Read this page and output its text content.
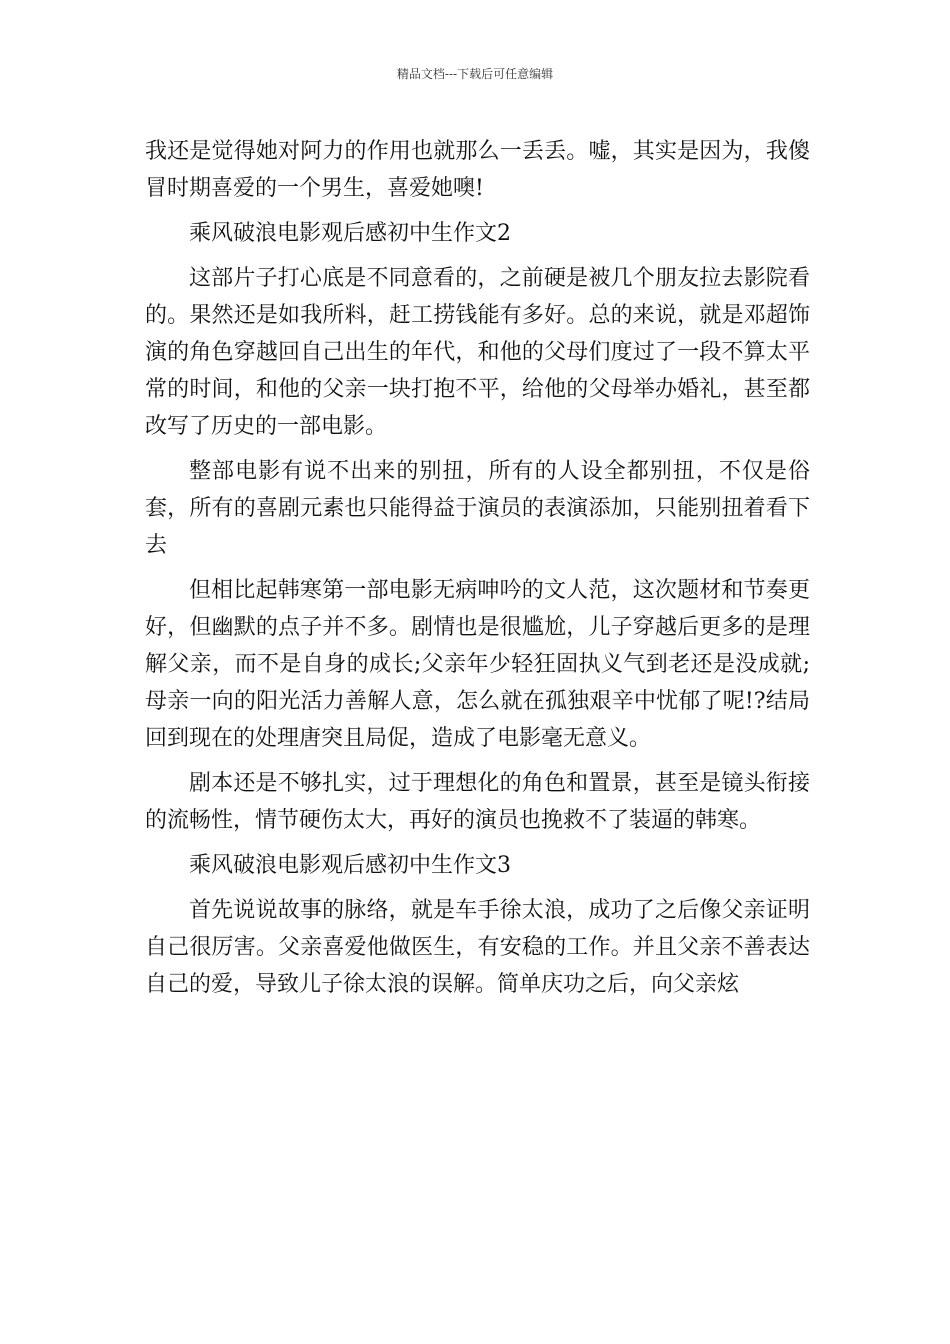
精品文档---下载后可任意编辑

我还是觉得她对阿力的作用也就那么一丢丢。嘘，其实是因为，我傻冒时期喜爱的一个男生，喜爱她噢!

乘风破浪电影观后感初中生作文2

这部片子打心底是不同意看的，之前硬是被几个朋友拉去影院看的。果然还是如我所料，赶工捞钱能有多好。总的来说，就是邓超饰演的角色穿越回自己出生的年代，和他的父母们度过了一段不算太平常的时间，和他的父亲一块打抱不平，给他的父母举办婚礼，甚至都改写了历史的一部电影。

整部电影有说不出来的别扭，所有的人设全都别扭，不仅是俗套，所有的喜剧元素也只能得益于演员的表演添加，只能别扭着看下去

但相比起韩寒第一部电影无病呻吟的文人范，这次题材和节奏更好，但幽默的点子并不多。剧情也是很尴尬，儿子穿越后更多的是理解父亲，而不是自身的成长;父亲年少轻狂固执义气到老还是没成就;母亲一向的阳光活力善解人意，怎么就在孤独艰辛中忧郁了呢!?结局回到现在的处理唐突且局促，造成了电影毫无意义。

剧本还是不够扎实，过于理想化的角色和置景，甚至是镜头衔接的流畅性，情节硬伤太大，再好的演员也挽救不了装逼的韩寒。

乘风破浪电影观后感初中生作文3

首先说说故事的脉络，就是车手徐太浪，成功了之后像父亲证明自己很厉害。父亲喜爱他做医生，有安稳的工作。并且父亲不善表达自己的爱，导致儿子徐太浪的误解。简单庆功之后，向父亲炫
